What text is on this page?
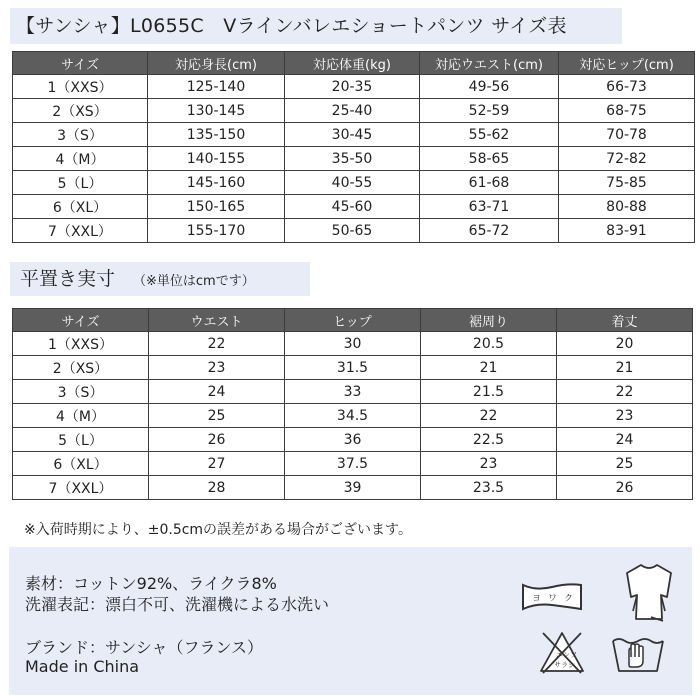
【サンシャ】L0655C　Vラインバレエショートパンツ サイズ表
サイズ	対応身長(cm)	対応体重(kg)	対応ウエスト(cm)	対応ヒップ(cm)
1（XXS）	125-140	20-35	49-56	66-73
2（XS）	130-145	25-40	52-59	68-75
3（S）	135-150	30-45	55-62	70-78
4（M）	140-155	35-50	58-65	72-82
5（L）	145-160	40-55	61-68	75-85
6（XL）	150-165	45-60	63-71	80-88
7（XXL）	155-170	50-65	65-72	83-91
平置き実寸 （※単位はcmです）
サイズ	ウエスト	ヒップ	裾周り	着丈
1（XXS）	22	30	20.5	20
2（XS）	23	31.5	21	21
3（S）	24	33	21.5	22
4（M）	25	34.5	22	23
5（L）	26	36	22.5	24
6（XL）	27	37.5	23	25
7（XXL）	28	39	23.5	26
※入荷時期により、±0.5cmの誤差がある場合がございます。
素材：コットン92%、ライクラ8%
洗濯表記：漂白不可、洗濯機による水洗い
ブランド：サンシャ（フランス）
Made in China
ヨ ワ ク
エンソ
サラシ
